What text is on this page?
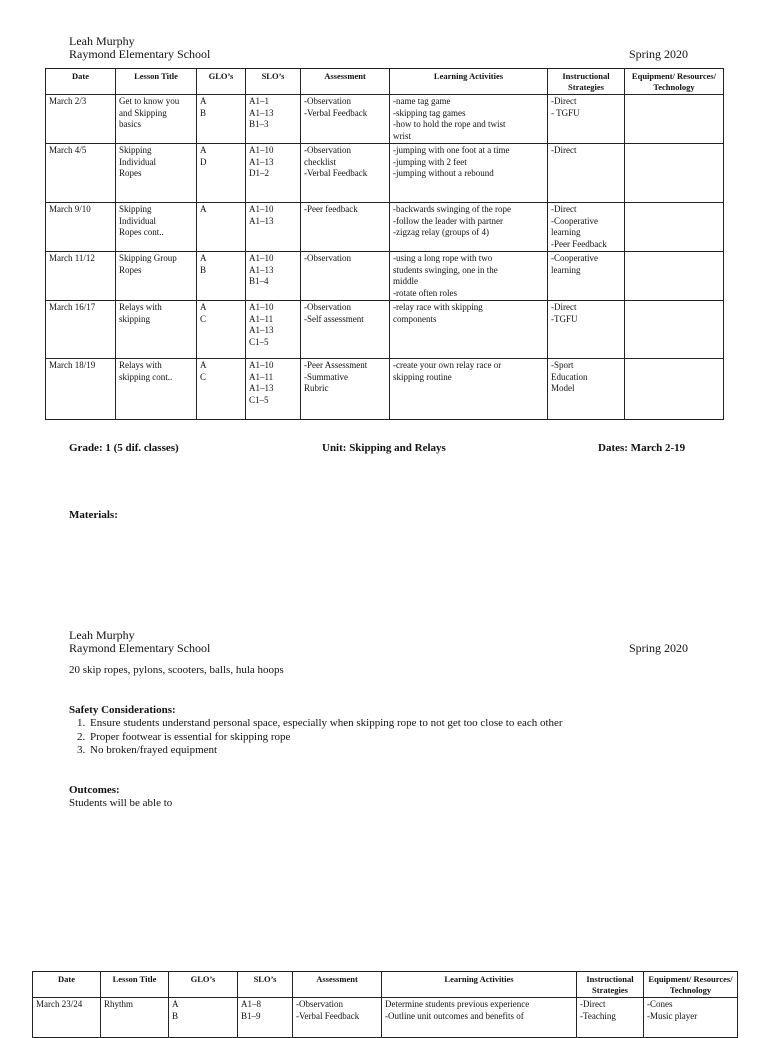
Leah Murphy
Raymond Elementary School	Spring 2020
Date	Lesson Title	GLO’s	SLO’s	Assessment	Learning Activities	Instructional Strategies	Equipment/ Resources/ Technology

March 2/3	Get to know you
and Skipping
basics	A
B	A1–1
A1–13
B1–3	-Observation
-Verbal Feedback	-name tag game
-skipping tag games
-how to hold the rope and twist
wrist	-Direct
- TGFU	

March 4/5	Skipping
Individual
Ropes	A
D	A1–10
A1–13
D1–2	-Observation
checklist
-Verbal Feedback	-jumping with one foot at a time
-jumping with 2 feet
-jumping without a rebound	-Direct	

March 9/10	Skipping
Individual
Ropes cont..	A	A1–10
A1–13	-Peer feedback	-backwards swinging of the rope
-follow the leader with partner
-zigzag relay (groups of 4)	-Direct
-Cooperative
learning
-Peer Feedback	

March 11/12	Skipping Group
Ropes	A
B	A1–10
A1–13
B1–4	-Observation	-using a long rope with two
students swinging, one in the
middle
-rotate often roles	-Cooperative
learning	

March 16/17	Relays with
skipping	A
C	A1–10
A1–11
A1–13
C1–5	-Observation
-Self assessment	-relay race with skipping
components	-Direct
-TGFU	

March 18/19	Relays with
skipping cont..	A
C	A1–10
A1–11
A1–13
C1–5	-Peer Assessment
-Summative
Rubric	-create your own relay race or
skipping routine	-Sport
Education
Model	

Grade: 1 (5 dif. classes)	Unit: Skipping and Relays	Dates: March 2-19
Materials:
Leah Murphy
Raymond Elementary School	Spring 2020
20 skip ropes, pylons, scooters, balls, hula hoops
Safety Considerations:
1. Ensure students understand personal space, especially when skipping rope to not get too close to each other
2. Proper footwear is essential for skipping rope
3. No broken/frayed equipment
Outcomes:
Students will be able to
Date	Lesson Title	GLO’s	SLO’s	Assessment	Learning Activities	Instructional Strategies	Equipment/ Resources/ Technology

March 23/24	Rhythm	A
B	A1–8
B1–9	-Observation
-Verbal Feedback	Determine students previous experience
-Outline unit outcomes and benefits of	-Direct
-Teaching	-Cones
-Music player
